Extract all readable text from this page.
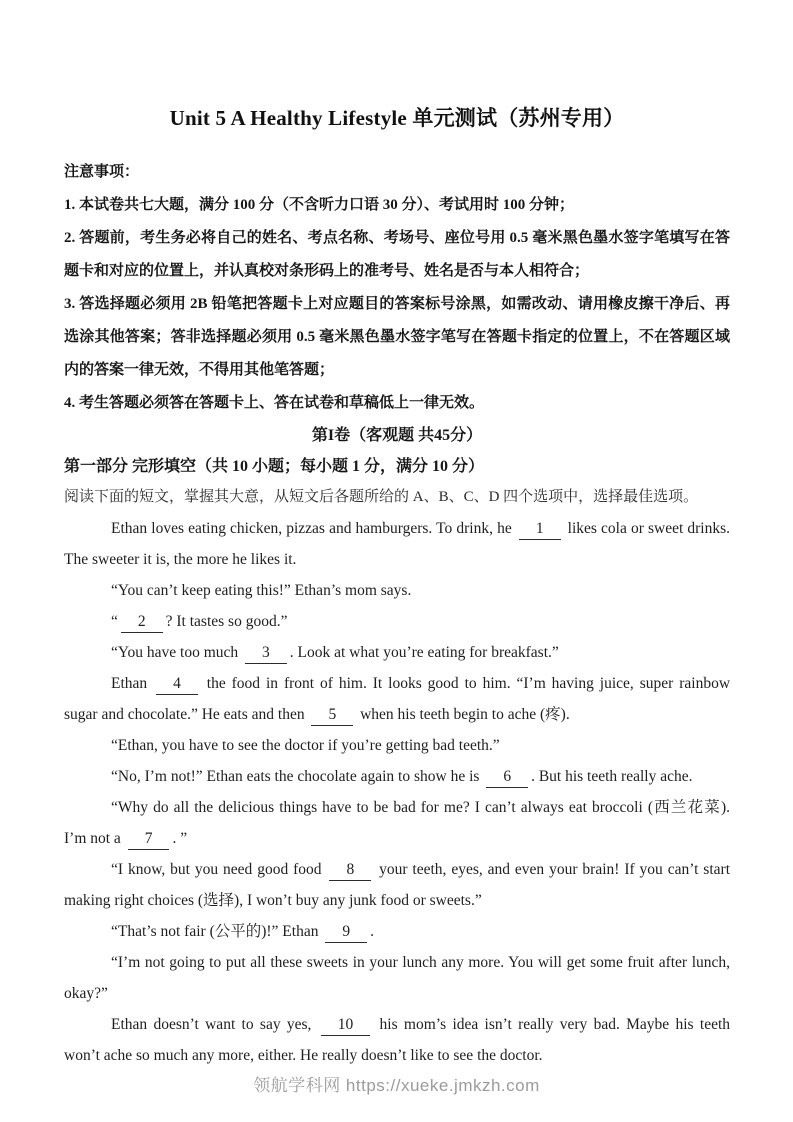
Unit 5 A Healthy Lifestyle 单元测试（苏州专用）
注意事项：

1. 本试卷共七大题，满分 100 分（不含听力口语 30 分）、考试用时 100 分钟；

2. 答题前，考生务必将自己的姓名、考点名称、考场号、座位号用 0.5 毫米黑色墨水签字笔填写在答题卡和对应的位置上，并认真校对条形码上的准考号、姓名是否与本人相符合；

3. 答选择题必须用 2B 铅笔把答题卡上对应题目的答案标号涂黑，如需改动、请用橡皮擦干净后、再选涂其他答案；答非选择题必须用 0.5 毫米黑色墨水签字笔写在答题卡指定的位置上，不在答题区域内的答案一律无效，不得用其他笔答题；

4. 考生答题必须答在答题卡上、答在试卷和草稿低上一律无效。

第I卷（客观题 共45分）
第一部分 完形填空（共 10 小题；每小题 1 分，满分 10 分）
阅读下面的短文，掌握其大意，从短文后各题所给的 A、B、C、D 四个选项中，选择最佳选项。

Ethan loves eating chicken, pizzas and hamburgers. To drink, he 1 likes cola or sweet drinks. The sweeter it is, the more he likes it.

“You can’t keep eating this!” Ethan’s mom says.

“ 2 ? It tastes so good.”

“You have too much 3 . Look at what you’re eating for breakfast.”

Ethan 4 the food in front of him. It looks good to him. “I’m having juice, super rainbow sugar and chocolate.” He eats and then 5 when his teeth begin to ache (疼).

“Ethan, you have to see the doctor if you’re getting bad teeth.”

“No, I’m not!” Ethan eats the chocolate again to show he is 6 . But his teeth really ache.

“Why do all the delicious things have to be bad for me? I can’t always eat broccoli (西兰花菜). I’m not a 7 . ”

“I know, but you need good food 8 your teeth, eyes, and even your brain! If you can’t start making right choices (选择), I won’t buy any junk food or sweets.”

“That’s not fair (公平的)!” Ethan 9 .

“I’m not going to put all these sweets in your lunch any more. You will get some fruit after lunch, okay?”

Ethan doesn’t want to say yes, 10 his mom’s idea isn’t really very bad. Maybe his teeth won’t ache so much any more, either. He really doesn’t like to see the doctor.

领航学科网 https://xueke.jmkzh.com
